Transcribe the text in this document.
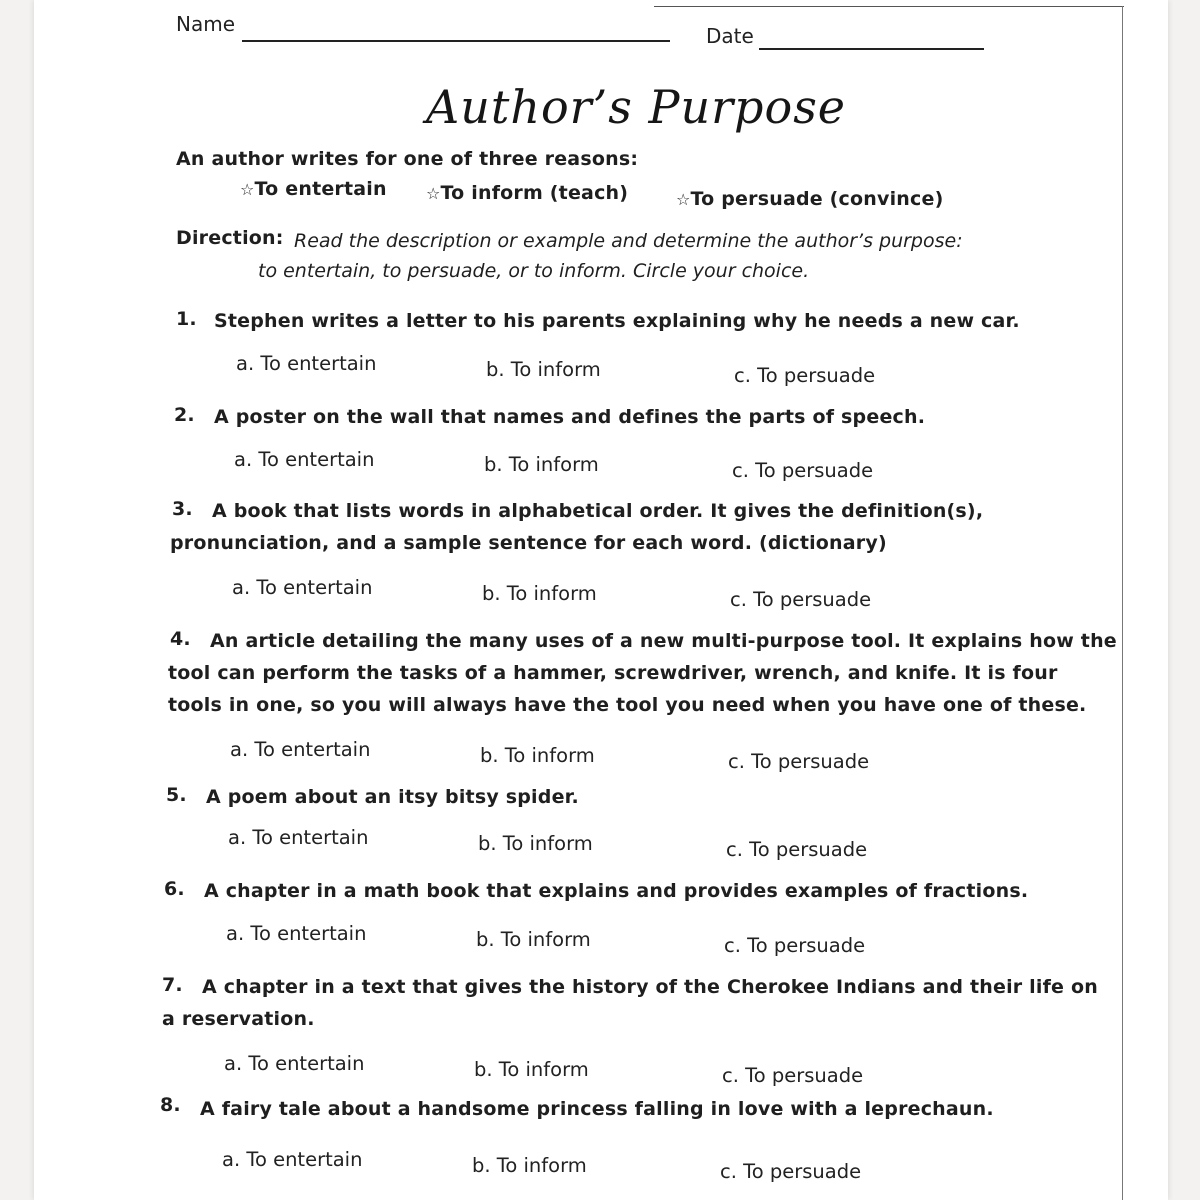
Name	Date
Author’s Purpose
An author writes for one of three reasons:
☆To entertain ☆To inform (teach)	☆To persuade (convince)
Direction: Read the description or example and determine the author’s purpose:
to entertain, to persuade, or to inform. Circle your choice.
1. Stephen writes a letter to his parents explaining why he needs a new car.
a. To entertain	b. To inform	c. To persuade
2. A poster on the wall that names and defines the parts of speech.
a. To entertain	b. To inform	c. To persuade
3. A book that lists words in alphabetical order. It gives the definition(s),
pronunciation, and a sample sentence for each word. (dictionary)
a. To entertain	b. To inform	c. To persuade
4. An article detailing the many uses of a new multi-purpose tool. It explains how the
tool can perform the tasks of a hammer, screwdriver, wrench, and knife. It is four
tools in one, so you will always have the tool you need when you have one of these.
a. To entertain	b. To inform	c. To persuade
5. A poem about an itsy bitsy spider.
a. To entertain	b. To inform	c. To persuade
6. A chapter in a math book that explains and provides examples of fractions.
a. To entertain	b. To inform	c. To persuade
7. A chapter in a text that gives the history of the Cherokee Indians and their life on
a reservation.
a. To entertain	b. To inform	c. To persuade
8. A fairy tale about a handsome princess falling in love with a leprechaun.
a. To entertain	b. To inform	c. To persuade
